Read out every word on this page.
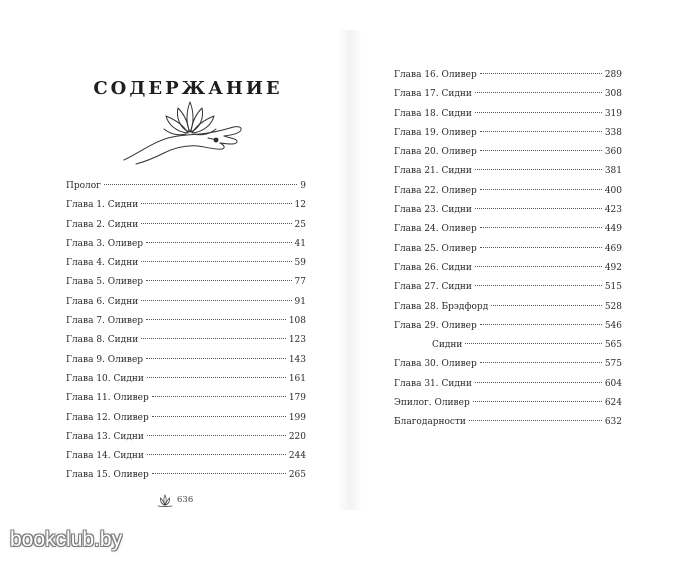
СОДЕРЖАНИЕ
Пролог	9
Глава 1. Сидни	12
Глава 2. Сидни	25
Глава 3. Оливер	41
Глава 4. Сидни	59
Глава 5. Оливер	77
Глава 6. Сидни	91
Глава 7. Оливер	108
Глава 8. Сидни	123
Глава 9. Оливер	143
Глава 10. Сидни	161
Глава 11. Оливер	179
Глава 12. Оливер	199
Глава 13. Сидни	220
Глава 14. Сидни	244
Глава 15. Оливер	265
636
Глава 16. Оливер	289
Глава 17. Сидни	308
Глава 18. Сидни	319
Глава 19. Оливер	338
Глава 20. Оливер	360
Глава 21. Сидни	381
Глава 22. Оливер	400
Глава 23. Сидни	423
Глава 24. Оливер	449
Глава 25. Оливер	469
Глава 26. Сидни	492
Глава 27. Сидни	515
Глава 28. Брэдфорд	528
Глава 29. Оливер	546
Сидни	565
Глава 30. Оливер	575
Глава 31. Сидни	604
Эпилог. Оливер	624
Благодарности	632
bookclub.by
